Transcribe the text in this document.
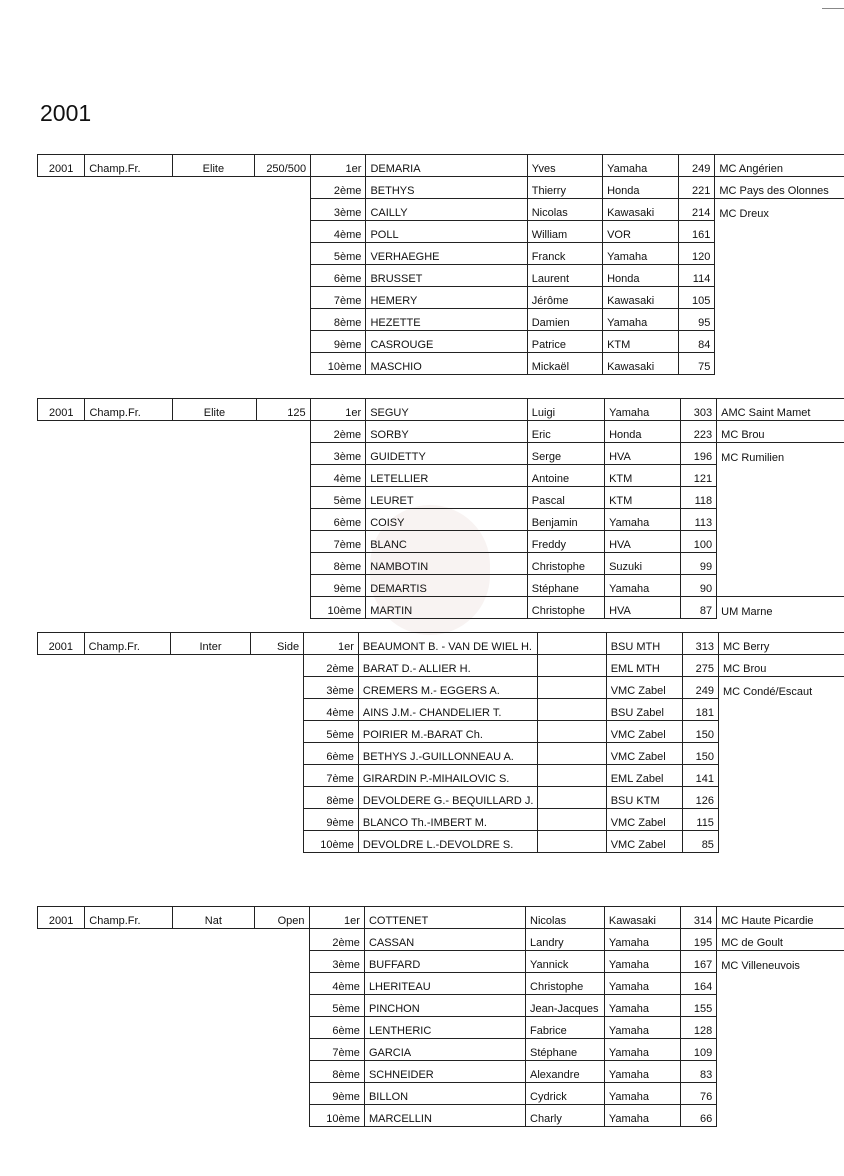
2001
2001	Champ.Fr.	Elite	250/500	1er	DEMARIA	Yves	Yamaha	249	MC Angérien
				2ème	BETHYS	Thierry	Honda	221	MC Pays des Olonnes
				3ème	CAILLY	Nicolas	Kawasaki	214	MC Dreux
				4ème	POLL	William	VOR	161	
				5ème	VERHAEGHE	Franck	Yamaha	120	
				6ème	BRUSSET	Laurent	Honda	114	
				7ème	HEMERY	Jérôme	Kawasaki	105	
				8ème	HEZETTE	Damien	Yamaha	95	
				9ème	CASROUGE	Patrice	KTM	84	
				10ème	MASCHIO	Mickaël	Kawasaki	75	
2001	Champ.Fr.	Elite	125	1er	SEGUY	Luigi	Yamaha	303	AMC Saint Mamet
				2ème	SORBY	Eric	Honda	223	MC Brou
				3ème	GUIDETTY	Serge	HVA	196	MC Rumilien
				4ème	LETELLIER	Antoine	KTM	121	
				5ème	LEURET	Pascal	KTM	118	
				6ème	COISY	Benjamin	Yamaha	113	
				7ème	BLANC	Freddy	HVA	100	
				8ème	NAMBOTIN	Christophe	Suzuki	99	
				9ème	DEMARTIS	Stéphane	Yamaha	90	
				10ème	MARTIN	Christophe	HVA	87	UM Marne
2001	Champ.Fr.	Inter	Side	1er	BEAUMONT B. - VAN DE WIEL H.		BSU MTH	313	MC Berry
				2ème	BARAT D.- ALLIER H.		EML MTH	275	MC Brou
				3ème	CREMERS M.- EGGERS A.		VMC Zabel	249	MC Condé/Escaut
				4ème	AINS J.M.- CHANDELIER T.		BSU Zabel	181	
				5ème	POIRIER M.-BARAT Ch.		VMC Zabel	150	
				6ème	BETHYS J.-GUILLONNEAU A.		VMC Zabel	150	
				7ème	GIRARDIN P.-MIHAILOVIC S.		EML Zabel	141	
				8ème	DEVOLDERE G.- BEQUILLARD J.		BSU KTM	126	
				9ème	BLANCO Th.-IMBERT M.		VMC Zabel	115	
				10ème	DEVOLDRE L.-DEVOLDRE S.		VMC Zabel	85	
2001	Champ.Fr.	Nat	Open	1er	COTTENET	Nicolas	Kawasaki	314	MC Haute Picardie
				2ème	CASSAN	Landry	Yamaha	195	MC de Goult
				3ème	BUFFARD	Yannick	Yamaha	167	MC Villeneuvois
				4ème	LHERITEAU	Christophe	Yamaha	164	
				5ème	PINCHON	Jean-Jacques	Yamaha	155	
				6ème	LENTHERIC	Fabrice	Yamaha	128	
				7ème	GARCIA	Stéphane	Yamaha	109	
				8ème	SCHNEIDER	Alexandre	Yamaha	83	
				9ème	BILLON	Cydrick	Yamaha	76	
				10ème	MARCELLIN	Charly	Yamaha	66	
